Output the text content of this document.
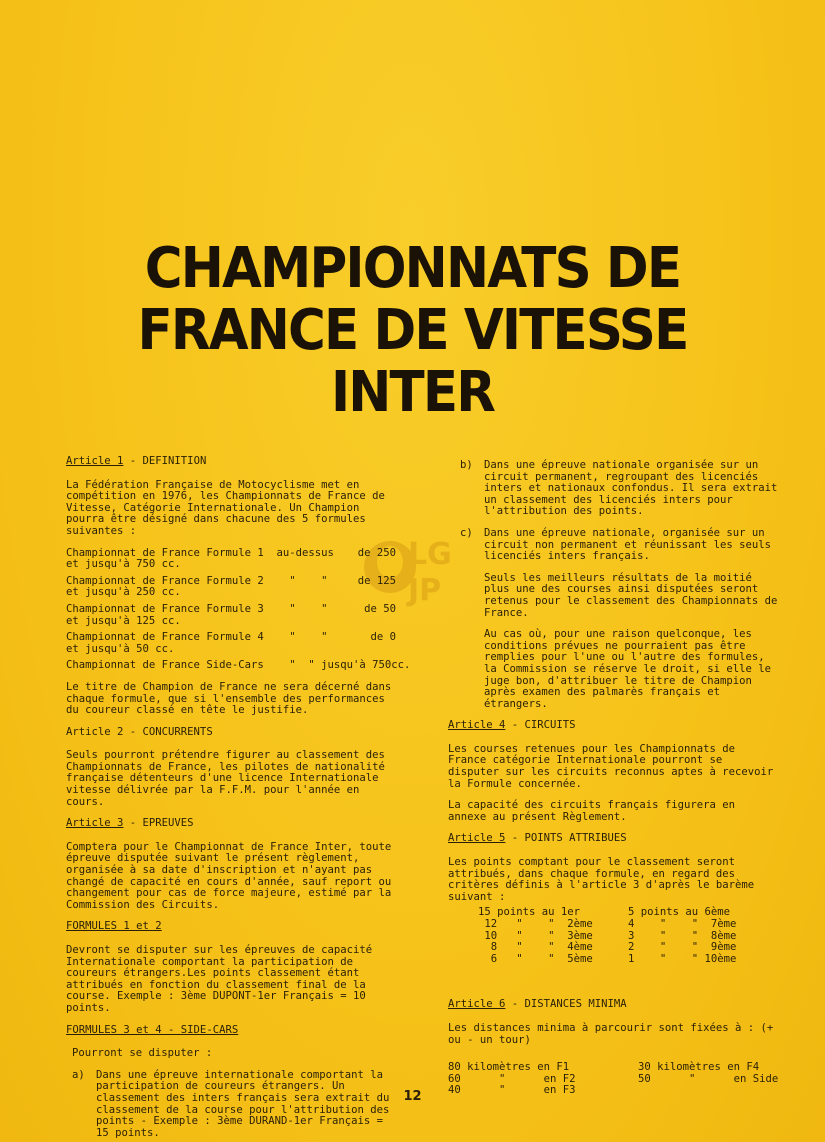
CHAMPIONNATS DE
FRANCE DE VITESSE
INTER
LG
JP

Article 1 - DEFINITION

La Fédération Française de Motocyclisme met en compétition en 1976, les Championnats de France de Vitesse, Catégorie Internationale. Un Champion pourra être désigné dans chacune des 5 formules suivantes :

Championnat de France Formule 1  au-dessus de 250
et jusqu'à 750 cc.
Championnat de France Formule 2    "    "	de 125
et jusqu'à 250 cc.
Championnat de France Formule 3    "    "	de 50
et jusqu'à 125 cc.
Championnat de France Formule 4    "    "	de 0
et jusqu'à 50 cc.

Championnat de France Side-Cars    "  " jusqu'à 750cc.

Le titre de Champion de France ne sera décerné dans chaque formule, que si l'ensemble des performances du coureur classé en tête le justifie.

Article 2 - CONCURRENTS

Seuls pourront prétendre figurer au classement des Championnats de France, les pilotes de nationalité française détenteurs d'une licence Internationale vitesse délivrée par la F.F.M. pour l'année en cours.

Article 3 - EPREUVES

Comptera pour le Championnat de France Inter, toute épreuve disputée suivant le présent règlement, organisée à sa date d'inscription et n'ayant pas changé de capacité en cours d'année, sauf report ou changement pour cas de force majeure, estimé par la Commission des Circuits.

FORMULES 1 et 2

Devront se disputer sur les épreuves de capacité Internationale comportant la participation de coureurs étrangers.Les points classement étant attribués en fonction du classement final de la course. Exemple : 3ème DUPONT-1er Français = 10 points.

FORMULES 3 et 4 - SIDE-CARS

Pourront se disputer :

a)	Dans une épreuve internationale comportant la participation de coureurs étrangers. Un classement des inters français sera extrait du classement de la course pour l'attribution des points - Exemple : 3ème DURAND-1er Français = 15 points.
b)	Dans une épreuve nationale organisée sur un circuit permanent, regroupant des licenciés inters et nationaux confondus. Il sera extrait un classement des licenciés inters pour l'attribution des points.
c)	Dans une épreuve nationale, organisée sur un circuit non permanent et réunissant les seuls licenciés inters français.

Seuls les meilleurs résultats de la moitié plus une des courses ainsi disputées seront retenus pour le classement des Championnats de France.

Au cas où, pour une raison quelconque, les conditions prévues ne pourraient pas être remplies pour l'une ou l'autre des formules, la Commission se réserve le droit, si elle le juge bon, d'attribuer le titre de Champion après examen des palmarès français et étrangers.

Article 4 - CIRCUITS

Les courses retenues pour les Championnats de France catégorie Internationale pourront se disputer sur les circuits reconnus aptes à recevoir la Formule concernée.

La capacité des circuits français figurera en annexe au présent Règlement.

Article 5 - POINTS ATTRIBUES

Les points comptant pour le classement seront attribués, dans chaque formule, en regard des critères définis à l'article 3 d'après le barème suivant :

15 points au 1er	5 points au 6ème
12   "    "  2ème	4    "    "  7ème
10   "    "  3ème	3    "    "  8ème
8   "    "  4ème	2    "    "  9ème
6   "    "  5ème	1    "    " 10ème

Article 6 - DISTANCES MINIMA

Les distances minima à parcourir sont fixées à : (+ ou - un tour)

80 kilomètres en F1	30 kilomètres en F4
60      "      en F2	50      "      en Side
40      "      en F3
12
